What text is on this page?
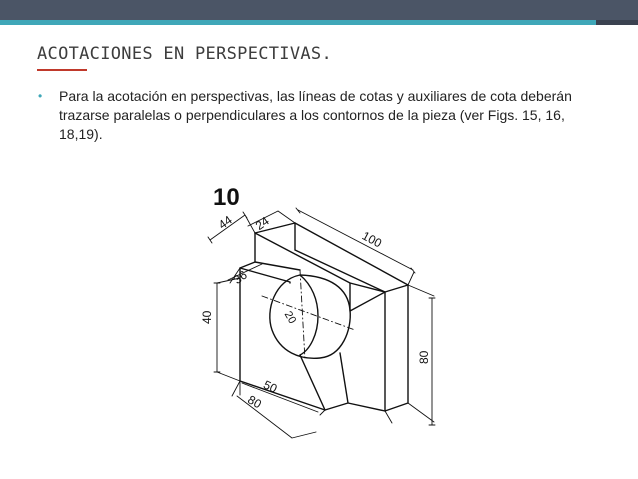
ACOTACIONES EN PERSPECTIVAS.
• Para la acotación en perspectivas, las líneas de cotas y auxiliares de cota deberán trazarse paralelas o perpendiculares a los contornos de la pieza (ver Figs. 15, 16, 18,19).
10
44 24
100
36
40	20
80
50
80
